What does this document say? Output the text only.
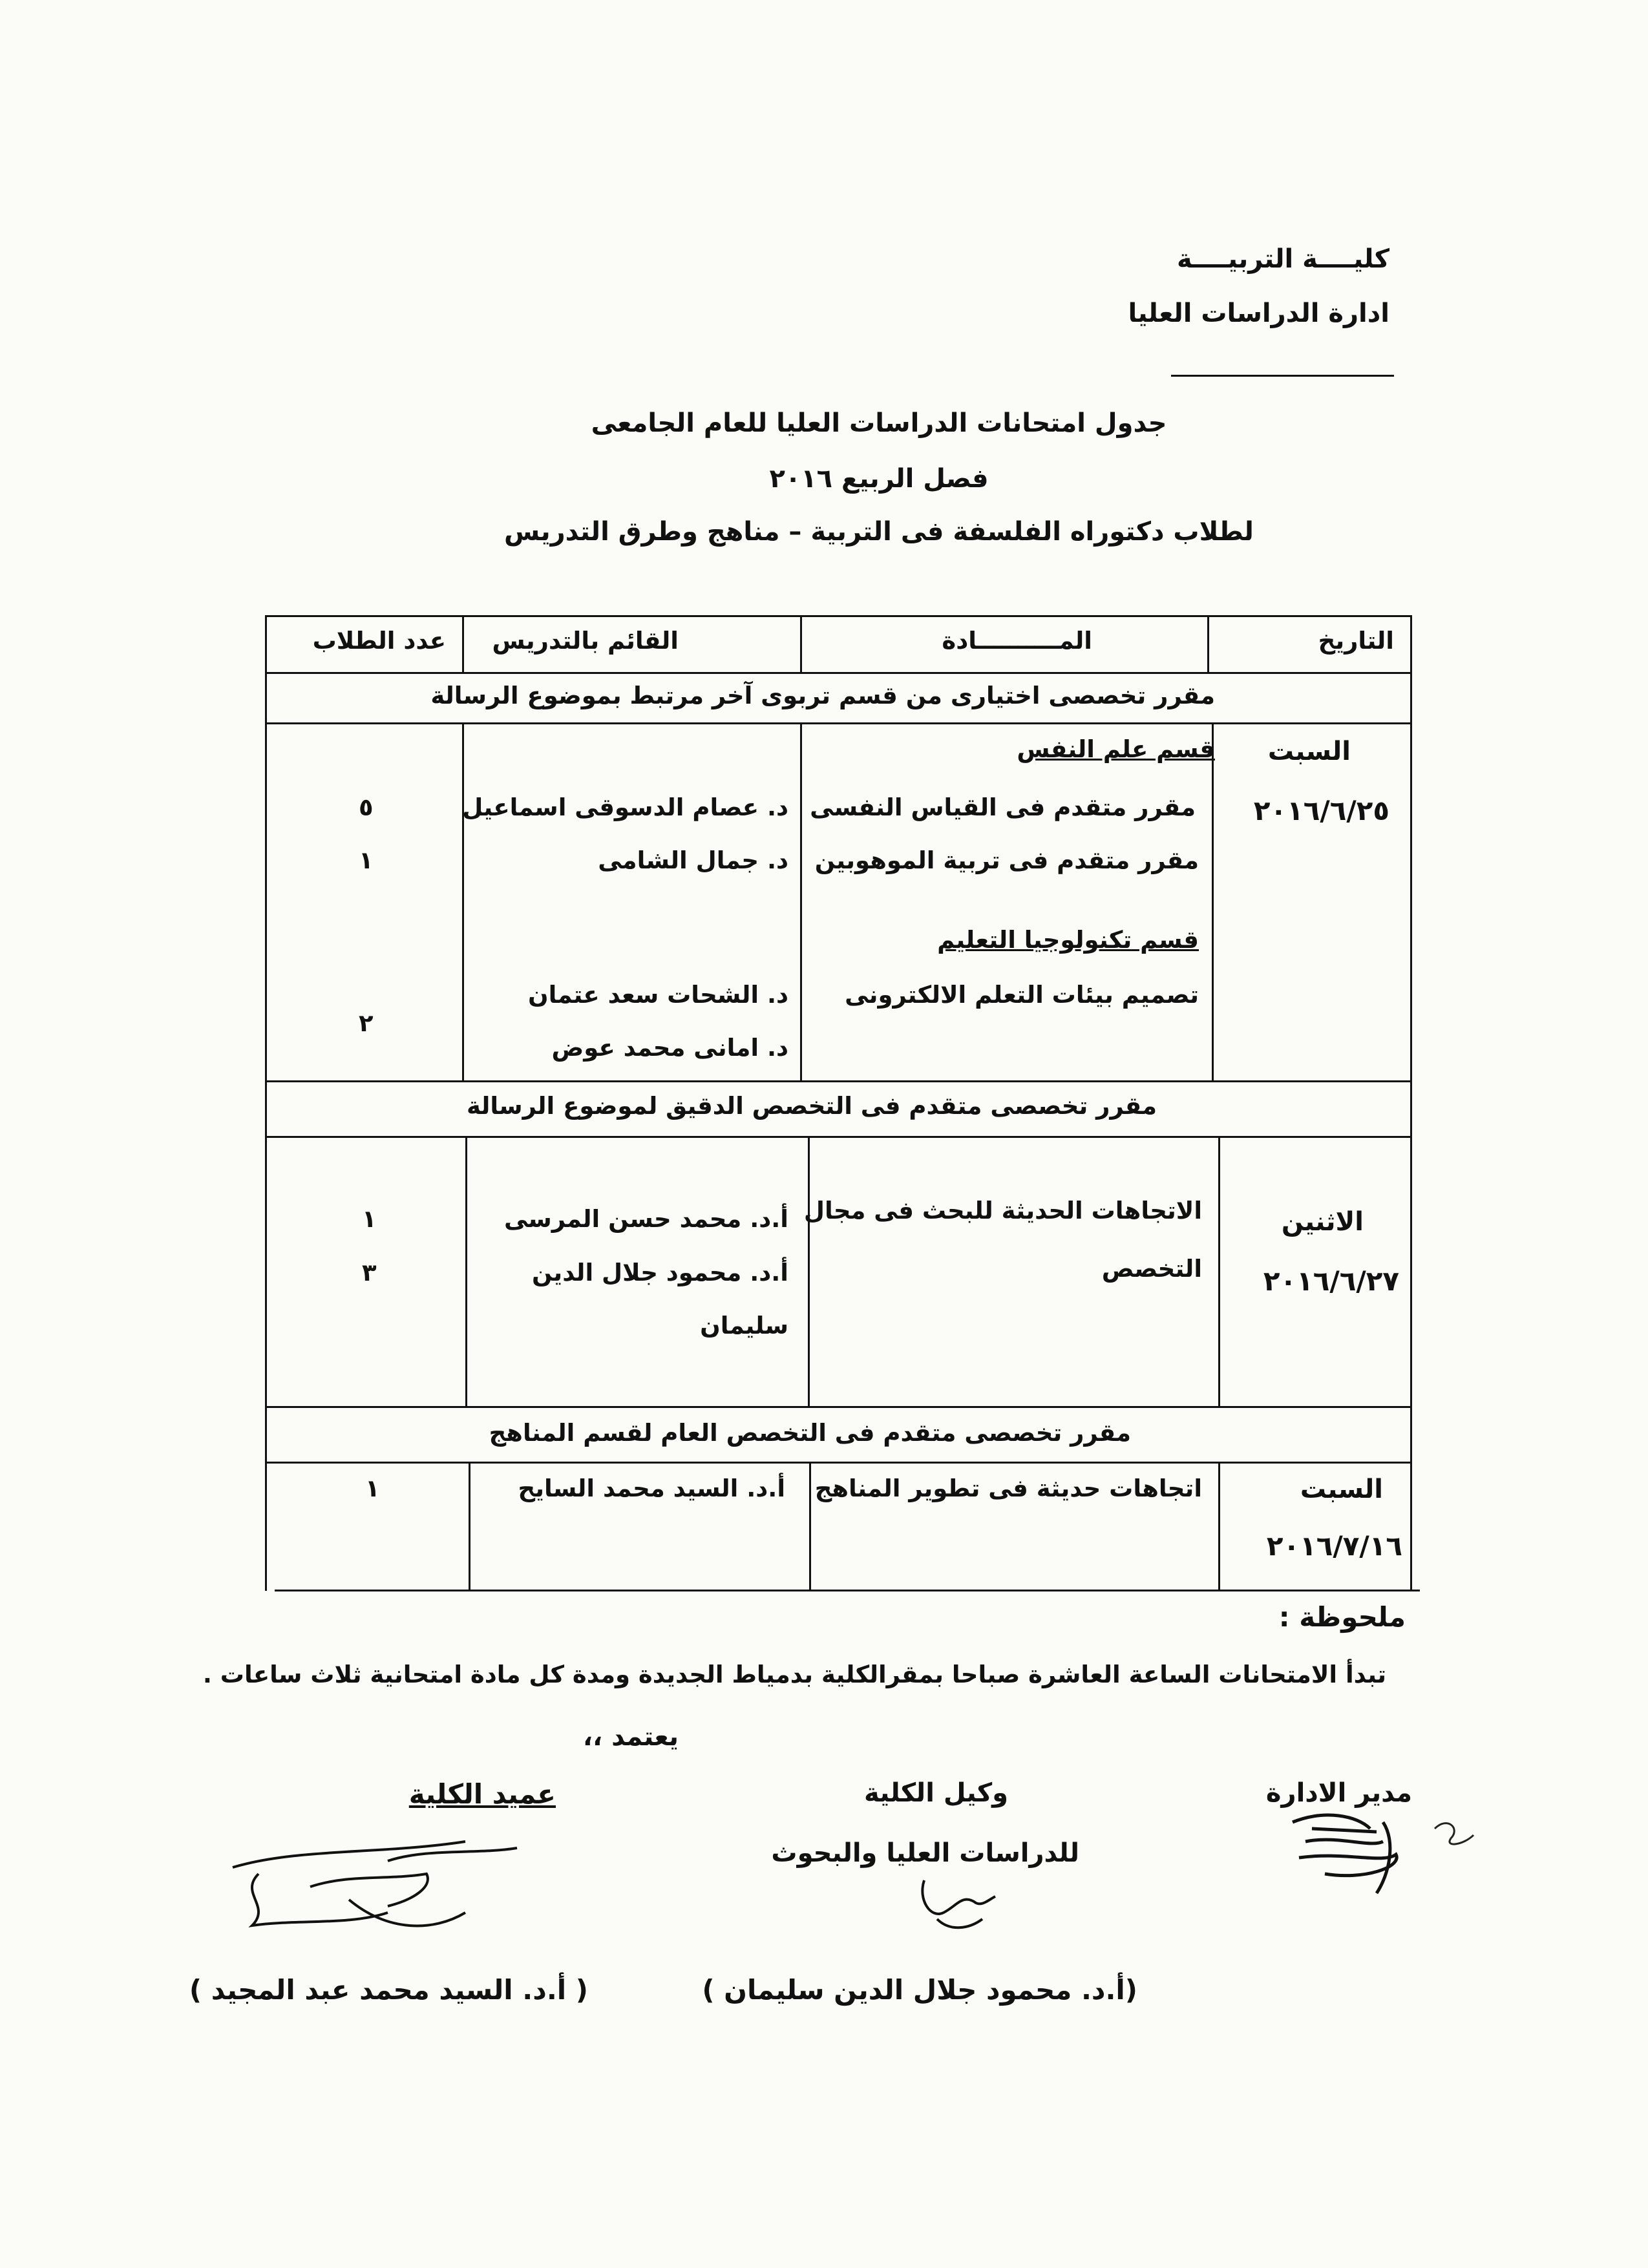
كليــــة التربيــــة
ادارة الدراسات العليا
جدول امتحانات الدراسات العليا للعام الجامعى
فصل الربيع ٢٠١٦
لطلاب دكتوراه الفلسفة فى التربية – مناهج وطرق التدريس
التاريخ
المــــــــــادة
القائم بالتدريس
عدد الطلاب
مقرر تخصصى اختيارى من قسم تربوى آخر مرتبط بموضوع الرسالة
السبت
٢٠١٦/٦/٢٥
قسم علم النفس
مقرر متقدم فى القياس النفسى
د. عصام الدسوقى اسماعيل
٥
مقرر متقدم فى تربية الموهوبين
د. جمال الشامى
١
قسم تكنولوجيا التعليم
تصميم بيئات التعلم الالكترونى
د. الشحات سعد عتمان
٢
د. امانى محمد عوض
مقرر تخصصى متقدم فى التخصص الدقيق لموضوع الرسالة
الاثنين
٢٠١٦/٦/٢٧
الاتجاهات الحديثة للبحث فى مجال
التخصص
أ.د. محمد حسن المرسى
١
أ.د. محمود جلال الدين
٣
سليمان
مقرر تخصصى متقدم فى التخصص العام لقسم المناهج
السبت
٢٠١٦/٧/١٦
اتجاهات حديثة فى تطوير المناهج
أ.د. السيد محمد السايح
١
ملحوظة :
تبدأ الامتحانات الساعة العاشرة صباحا بمقرالكلية بدمياط الجديدة ومدة كل مادة امتحانية ثلاث ساعات .
يعتمد ،،
مدير الادارة
وكيل الكلية
للدراسات العليا والبحوث
عميد الكلية
(أ.د. محمود جلال الدين سليمان )
( أ.د. السيد محمد عبد المجيد )
